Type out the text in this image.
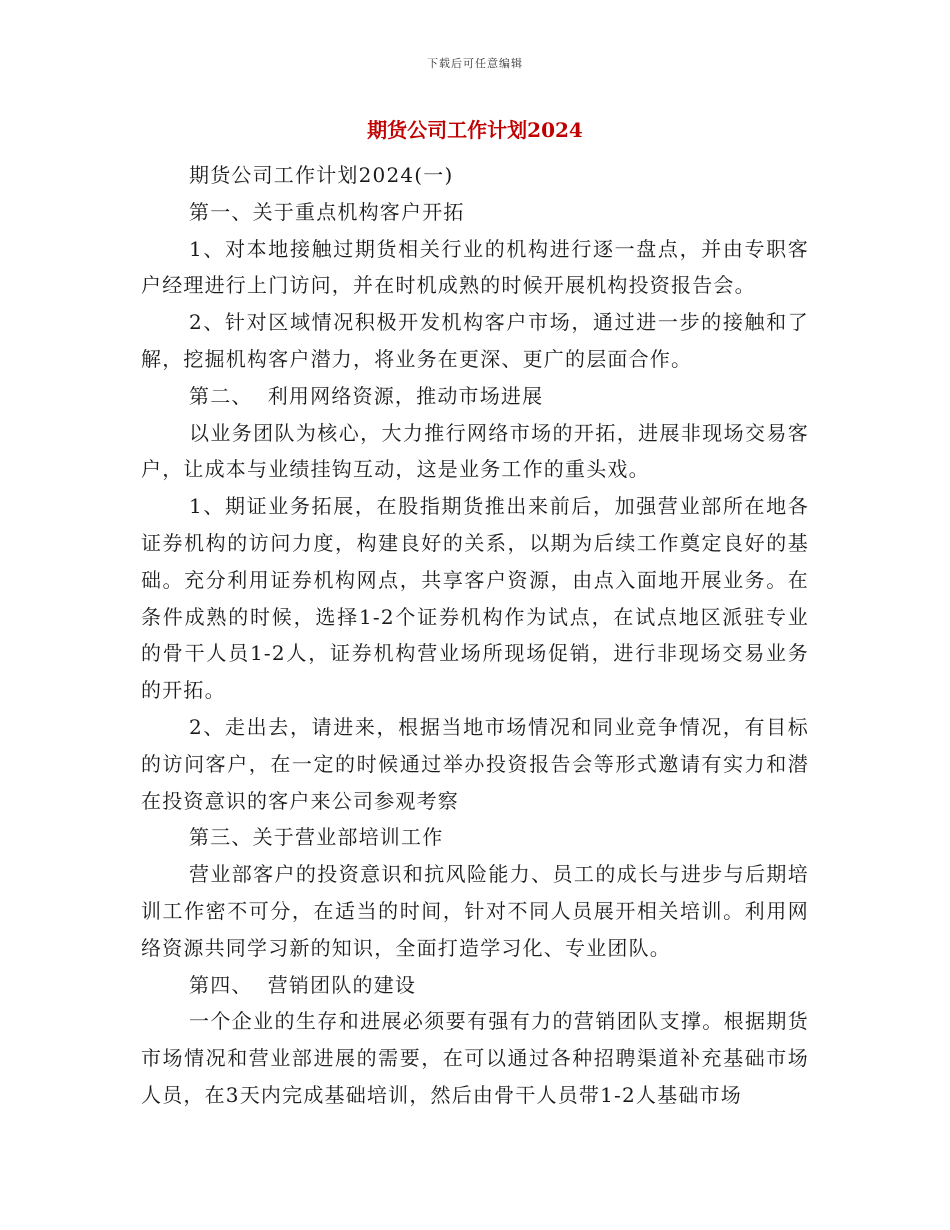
下载后可任意编辑
期货公司工作计划2024

期货公司工作计划2024(一)

第一、关于重点机构客户开拓

1、对本地接触过期货相关行业的机构进行逐一盘点，并由专职客户经理进行上门访问，并在时机成熟的时候开展机构投资报告会。

2、针对区域情况积极开发机构客户市场，通过进一步的接触和了解，挖掘机构客户潜力，将业务在更深、更广的层面合作。

第二、  利用网络资源，推动市场进展

以业务团队为核心，大力推行网络市场的开拓，进展非现场交易客户，让成本与业绩挂钩互动，这是业务工作的重头戏。

1、期证业务拓展，在股指期货推出来前后，加强营业部所在地各证券机构的访问力度，构建良好的关系，以期为后续工作奠定良好的基础。充分利用证券机构网点，共享客户资源，由点入面地开展业务。在条件成熟的时候，选择1-2个证券机构作为试点，在试点地区派驻专业的骨干人员1-2人，证券机构营业场所现场促销，进行非现场交易业务的开拓。

2、走出去，请进来，根据当地市场情况和同业竞争情况，有目标的访问客户，在一定的时候通过举办投资报告会等形式邀请有实力和潜在投资意识的客户来公司参观考察

第三、关于营业部培训工作

营业部客户的投资意识和抗风险能力、员工的成长与进步与后期培训工作密不可分，在适当的时间，针对不同人员展开相关培训。利用网络资源共同学习新的知识，全面打造学习化、专业团队。

第四、  营销团队的建设

一个企业的生存和进展必须要有强有力的营销团队支撑。根据期货市场情况和营业部进展的需要，在可以通过各种招聘渠道补充基础市场人员，在3天内完成基础培训，然后由骨干人员带1-2人基础市场
